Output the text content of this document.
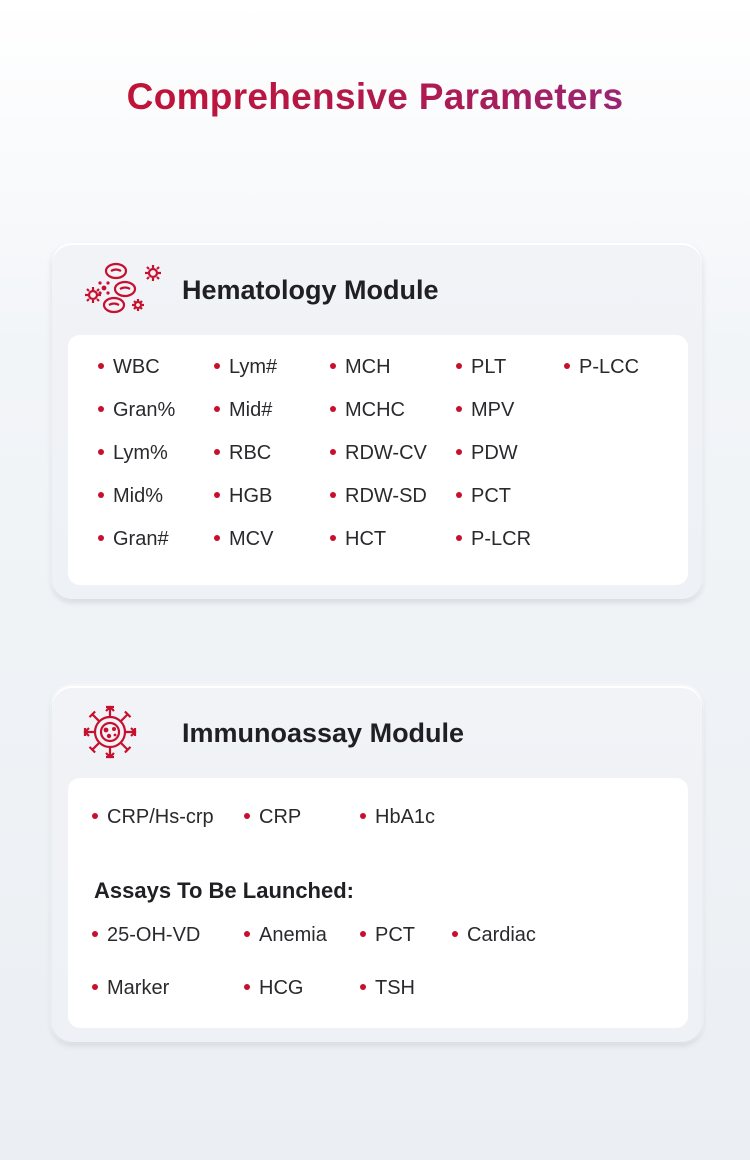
Comprehensive Parameters
Hematology Module
WBC
Gran%
Lym%
Mid%
Gran#
Lym#
Mid#
RBC
HGB
MCV
MCH
MCHC
RDW-CV
RDW-SD
HCT
PLT
MPV
PDW
PCT
P-LCR
P-LCC
Immunoassay Module
Assays To Be Launched:
CRP/Hs-crp	CRP	HbA1c
25-OH-VD	Anemia	PCT	Cardiac
Marker	HCG	TSH
